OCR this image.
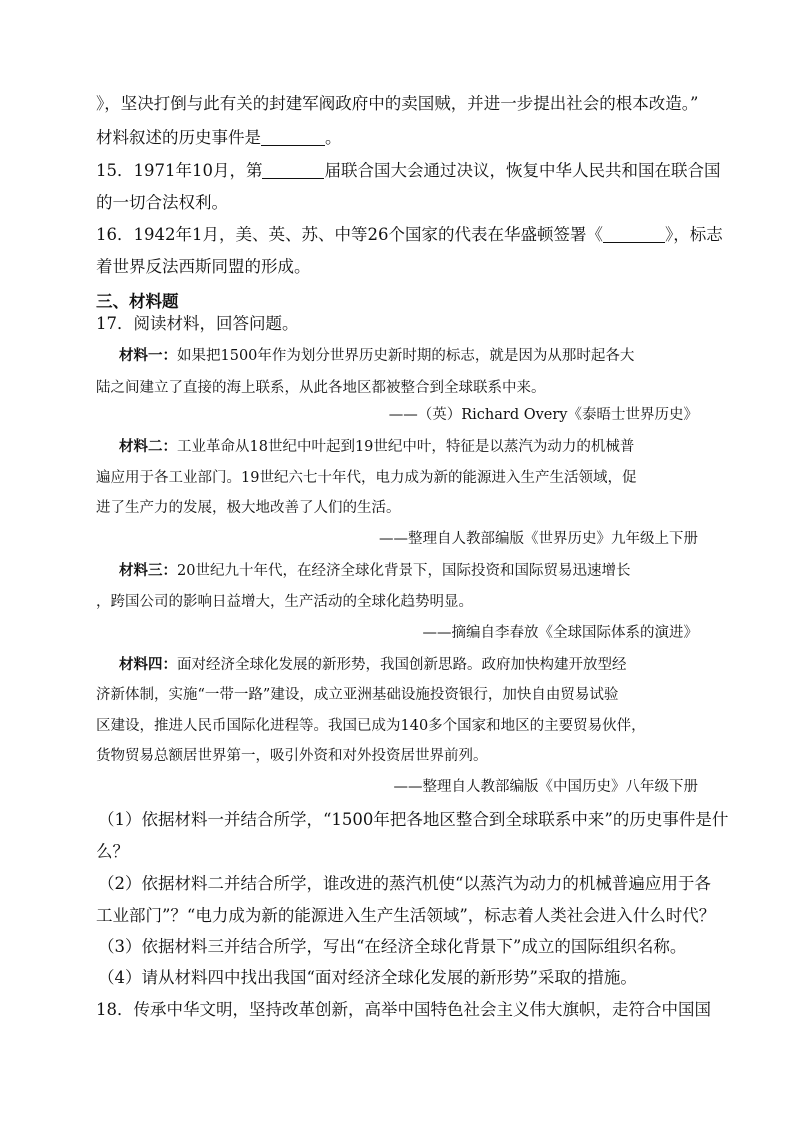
》，坚决打倒与此有关的封建军阀政府中的卖国贼，并进一步提出社会的根本改造。”
材料叙述的历史事件是	。
15．1971年10月，第	届联合国大会通过决议，恢复中华人民共和国在联合国
的一切合法权利。
16．1942年1月，美、英、苏、中等26个国家的代表在华盛顿签署《	》，标志
着世界反法西斯同盟的形成。
三、材料题
17．阅读材料，回答问题。
材料一：如果把1500年作为划分世界历史新时期的标志，就是因为从那时起各大
陆之间建立了直接的海上联系，从此各地区都被整合到全球联系中来。
——（英）Richard Overy《泰晤士世界历史》
材料二：工业革命从18世纪中叶起到19世纪中叶，特征是以蒸汽为动力的机械普
遍应用于各工业部门。19世纪六七十年代，电力成为新的能源进入生产生活领域，促
进了生产力的发展，极大地改善了人们的生活。
——整理自人教部编版《世界历史》九年级上下册
材料三：20世纪九十年代，在经济全球化背景下，国际投资和国际贸易迅速增长
，跨国公司的影响日益增大，生产活动的全球化趋势明显。
——摘编自李春放《全球国际体系的演进》
材料四：面对经济全球化发展的新形势，我国创新思路。政府加快构建开放型经
济新体制，实施“一带一路”建设，成立亚洲基础设施投资银行，加快自由贸易试验
区建设，推进人民币国际化进程等。我国已成为140多个国家和地区的主要贸易伙伴，
货物贸易总额居世界第一，吸引外资和对外投资居世界前列。
——整理自人教部编版《中国历史》八年级下册
（1）依据材料一并结合所学，“1500年把各地区整合到全球联系中来”的历史事件是什
么？
（2）依据材料二并结合所学，谁改进的蒸汽机使“以蒸汽为动力的机械普遍应用于各
工业部门”？“电力成为新的能源进入生产生活领域”，标志着人类社会进入什么时代？
（3）依据材料三并结合所学，写出“在经济全球化背景下”成立的国际组织名称。
（4）请从材料四中找出我国“面对经济全球化发展的新形势”采取的措施。
18．传承中华文明，坚持改革创新，高举中国特色社会主义伟大旗帜，走符合中国国
